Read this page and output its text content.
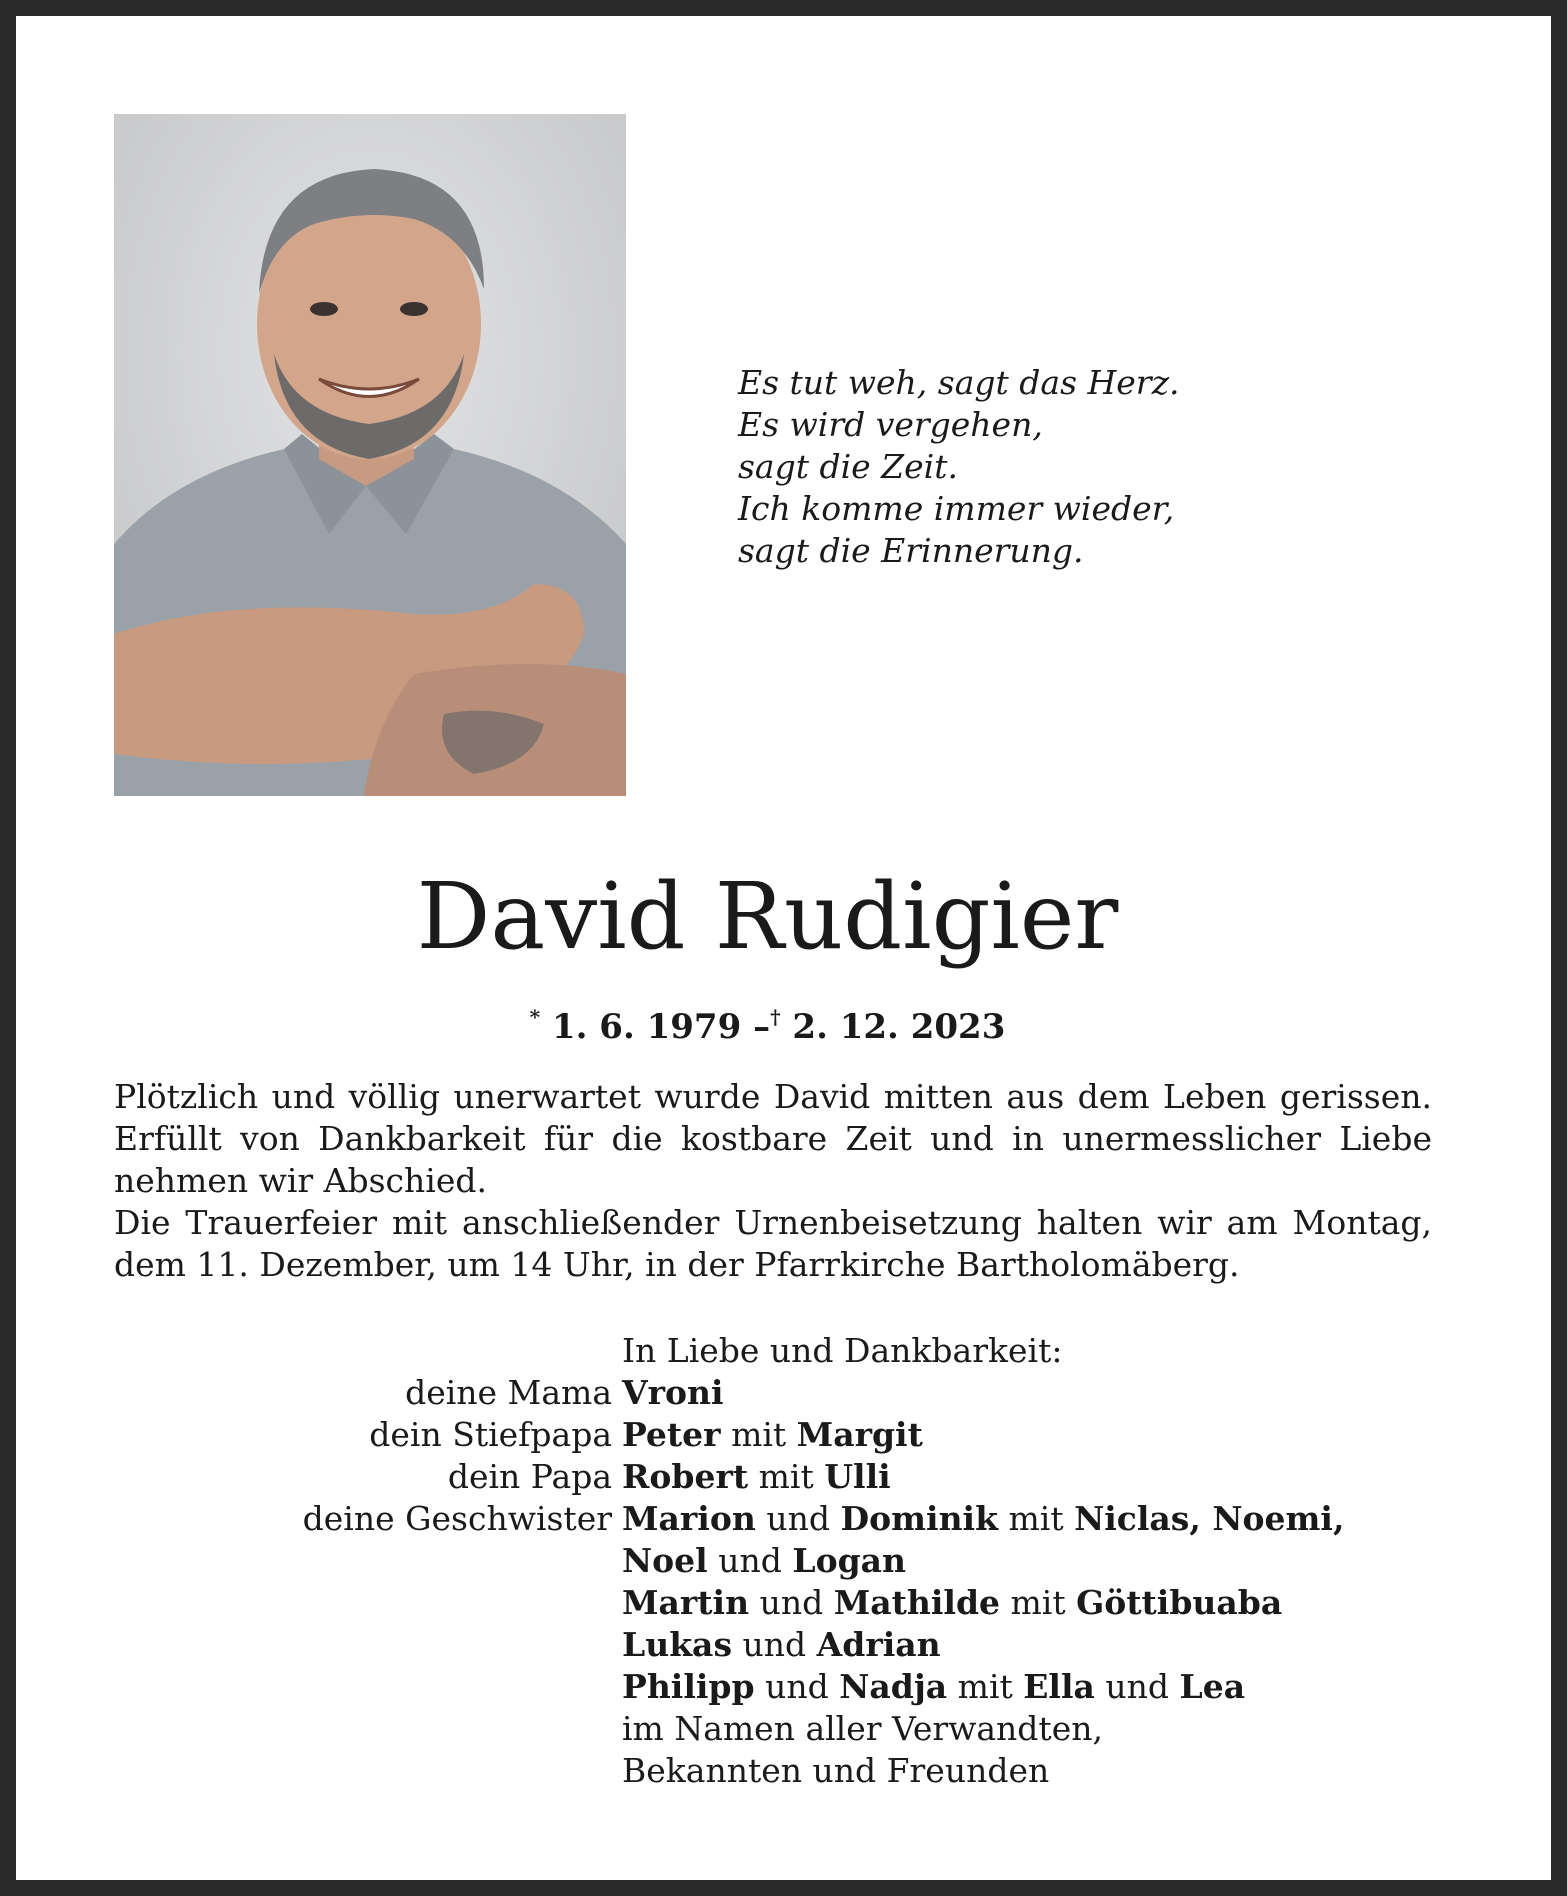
Es tut weh, sagt das Herz.
Es wird vergehen,
sagt die Zeit.
Ich komme immer wieder,
sagt die Erinnerung.
David Rudigier
* 1. 6. 1979 –† 2. 12. 2023
Plötzlich und völlig unerwartet wurde David mitten aus dem Leben gerissen.
Erfüllt von Dankbarkeit für die kostbare Zeit und in unermesslicher Liebe
nehmen wir Abschied.
Die Trauerfeier mit anschließender Urnenbeisetzung halten wir am Montag,
dem 11. Dezember, um 14 Uhr, in der Pfarrkirche Bartholomäberg.
In Liebe und Dankbarkeit:
deine Mama Vroni
dein Stiefpapa Peter mit Margit
dein Papa Robert mit Ulli
deine Geschwister Marion und Dominik mit Niclas, Noemi,
Noel und Logan
Martin und Mathilde mit Göttibuaba
Lukas und Adrian
Philipp und Nadja mit Ella und Lea
im Namen aller Verwandten,
Bekannten und Freunden
